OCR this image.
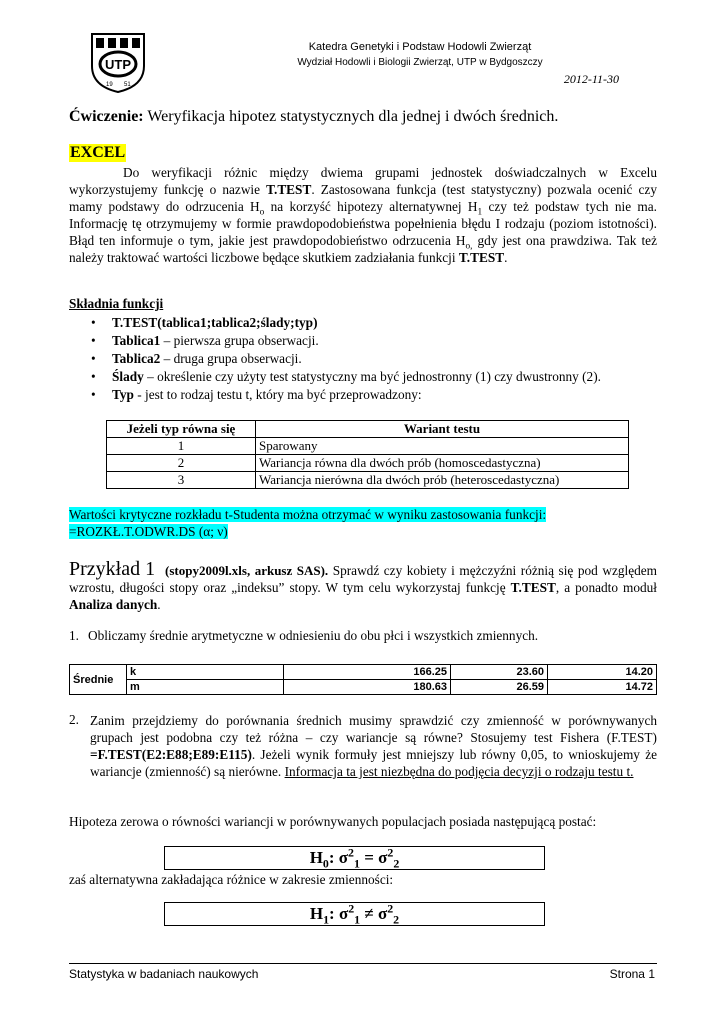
UTP
19 51
Katedra Genetyki i Podstaw Hodowli Zwierząt
Wydział Hodowli i Biologii Zwierząt, UTP w Bydgoszczy
2012-11-30
Ćwiczenie: Weryfikacja hipotez statystycznych dla jednej i dwóch średnich.
EXCEL
Do weryfikacji różnic między dwiema grupami jednostek doświadczalnych w Excelu wykorzystujemy funkcję o nazwie T.TEST. Zastosowana funkcja (test statystyczny) pozwala ocenić czy mamy podstawy do odrzucenia $H_o$ na korzyść hipotezy alternatywnej $H_1$ czy też podstaw tych nie ma. Informację tę otrzymujemy w formie prawdopodobieństwa popełnienia błędu I rodzaju (poziom istotności). Błąd ten informuje o tym, jakie jest prawdopodobieństwo odrzucenia $H_{o,}$ gdy jest ona prawdziwa. Tak też należy traktować wartości liczbowe będące skutkiem zadziałania funkcji T.TEST.
Składnia funkcji
• T.TEST(tablica1;tablica2;ślady;typ)
• Tablica1 – pierwsza grupa obserwacji.
• Tablica2 – druga grupa obserwacji.
• Ślady – określenie czy użyty test statystyczny ma być jednostronny (1) czy dwustronny (2).
• Typ - jest to rodzaj testu t, który ma być przeprowadzony:
Jeżeli typ równa się	Wariant testu
1	Sparowany
2	Wariancja równa dla dwóch prób (homoscedastyczna)
3	Wariancja nierówna dla dwóch prób (heteroscedastyczna)
Wartości krytyczne rozkładu t-Studenta można otrzymać w wyniku zastosowania funkcji:
=ROZKŁ.T.ODWR.DS (α; ν)
Przykład 1 (stopy2009l.xls, arkusz SAS). Sprawdź czy kobiety i mężczyźni różnią się pod względem wzrostu, długości stopy oraz „indeksu” stopy. W tym celu wykorzystaj funkcję T.TEST, a ponadto moduł Analiza danych.
1. Obliczamy średnie arytmetyczne w odniesieniu do obu płci i wszystkich zmiennych.
Średnie	k	166.25	23.60	14.20
	m	180.63	26.59	14.72
2. Zanim przejdziemy do porównania średnich musimy sprawdzić czy zmienność w porównywanych grupach jest podobna czy też różna – czy wariancje są równe? Stosujemy test Fishera (F.TEST) =F.TEST(E2:E88;E89:E115). Jeżeli wynik formuły jest mniejszy lub równy 0,05, to wnioskujemy że wariancje (zmienność) są nierówne. Informacja ta jest niezbędna do podjęcia decyzji o rodzaju testu t.
Hipoteza zerowa o równości wariancji w porównywanych populacjach posiada następującą postać:
$H_0$: $\sigma^2_1 = \sigma^2_2$
zaś alternatywna zakładająca różnice w zakresie zmienności:
$H_1$: $\sigma^2_1 \ne \sigma^2_2$
Statystyka w badaniach naukowych	Strona 1
